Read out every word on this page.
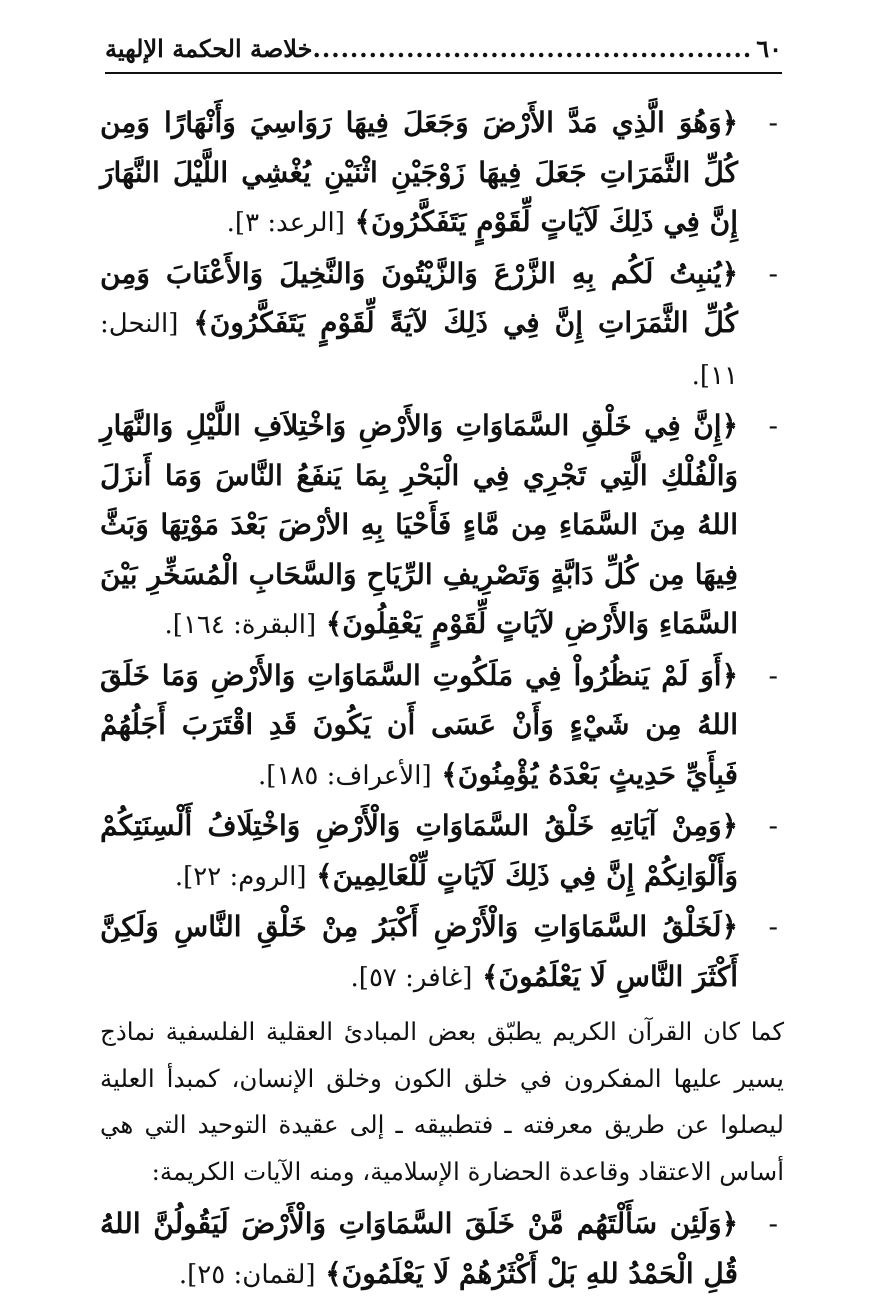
٦٠
.....
خلاصة الحكمة الإلهية
-
﴿وَهُوَ الَّذِي مَدَّ الأَرْضَ وَجَعَلَ فِيهَا رَوَاسِيَ وَأَنْهَارًا وَمِن كُلِّ الثَّمَرَاتِ جَعَلَ فِيهَا زَوْجَيْنِ اثْنَيْنِ يُغْشِي اللَّيْلَ النَّهَارَ إِنَّ فِي ذَلِكَ لَآيَاتٍ لِّقَوْمٍ يَتَفَكَّرُونَ﴾ [الرعد: ٣].
-
﴿يُنبِتُ لَكُم بِهِ الزَّرْعَ وَالزَّيْتُونَ وَالنَّخِيلَ وَالأَعْنَابَ وَمِن كُلِّ الثَّمَرَاتِ إِنَّ فِي ذَلِكَ لآيَةً لِّقَوْمٍ يَتَفَكَّرُونَ﴾ [النحل: ١١].
-
﴿إِنَّ فِي خَلْقِ السَّمَاوَاتِ وَالأَرْضِ وَاخْتِلاَفِ اللَّيْلِ وَالنَّهَارِ وَالْفُلْكِ الَّتِي تَجْرِي فِي الْبَحْرِ بِمَا يَنفَعُ النَّاسَ وَمَا أَنزَلَ اللهُ مِنَ السَّمَاءِ مِن مَّاءٍ فَأَحْيَا بِهِ الأرْضَ بَعْدَ مَوْتِهَا وَبَثَّ فِيهَا مِن كُلِّ دَابَّةٍ وَتَصْرِيفِ الرِّيَاحِ وَالسَّحَابِ الْمُسَخِّرِ بَيْنَ السَّمَاءِ وَالأَرْضِ لآيَاتٍ لِّقَوْمٍ يَعْقِلُونَ﴾ [البقرة: ١٦٤].
-
﴿أَوَ لَمْ يَنظُرُواْ فِي مَلَكُوتِ السَّمَاوَاتِ وَالأَرْضِ وَمَا خَلَقَ اللهُ مِن شَيْءٍ وَأَنْ عَسَى أَن يَكُونَ قَدِ اقْتَرَبَ أَجَلُهُمْ فَبِأَيِّ حَدِيثٍ بَعْدَهُ يُؤْمِنُونَ﴾ [الأعراف: ١٨٥].
-
﴿وَمِنْ آيَاتِهِ خَلْقُ السَّمَاوَاتِ وَالْأَرْضِ وَاخْتِلَافُ أَلْسِنَتِكُمْ وَأَلْوَانِكُمْ إِنَّ فِي ذَلِكَ لَآيَاتٍ لِّلْعَالِمِينَ﴾ [الروم: ٢٢].
-
﴿لَخَلْقُ السَّمَاوَاتِ وَالْأَرْضِ أَكْبَرُ مِنْ خَلْقِ النَّاسِ وَلَكِنَّ أَكْثَرَ النَّاسِ لَا يَعْلَمُونَ﴾ [غافر: ٥٧].

كما كان القرآن الكريم يطبّق بعض المبادئ العقلية الفلسفية نماذج يسير عليها المفكرون في خلق الكون وخلق الإنسان، كمبدأ العلية ليصلوا عن طريق معرفته ـ فتطبيقه ـ إلى عقيدة التوحيد التي هي أساس الاعتقاد وقاعدة الحضارة الإسلامية، ومنه الآيات الكريمة:

-
﴿وَلَئِن سَأَلْتَهُم مَّنْ خَلَقَ السَّمَاوَاتِ وَالْأَرْضَ لَيَقُولُنَّ اللهُ قُلِ الْحَمْدُ للهِ بَلْ أَكْثَرُهُمْ لَا يَعْلَمُونَ﴾ [لقمان: ٢٥].
